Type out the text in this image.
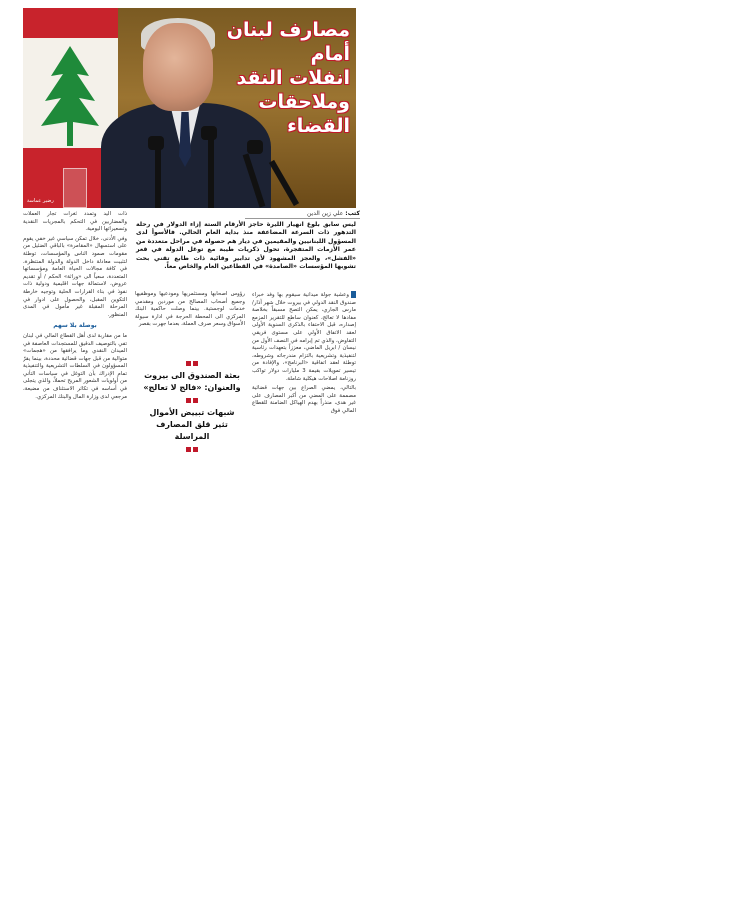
مصارف لبنان أمام
انفلات النقد
وملاحقات القضاء
رضير عماسة
كتب: علي زين الدين
ليس سابق بلوغ انهيار الليرة حاجز الأرقام الستة إزاء الدولار في رحلة التدهور ذات السرعة المضاعفة منذ بداية العام الحالي. فالأسوأ لدى المسؤول اللبنانيين والمقيمين في ديار هم حصوله في مراحل متعددة من عمر الأزمات المتفجرة، تحول ذكريات طيبة مع توغل الدولة في قعر «الفشل»، والعجز المشهود لأي تدابير وقائية ذات طابع تقني بحت تشوبها المؤسسات «الصامدة» في القطاعين العام والخاص معاً.

وعشية جولة ميدانية سيقوم بها وفد خبراء صندوق النقد الدولي في بيروت خلال شهر آذار/ مارس الجاري، يمكن التصح مسبقاً بخلاصة مفادها لا تعالج، كعنوان ساطع للتقرير المزمع إصداره، قبل الاحتفاء بالذكرى السنوية الأولى لعقد الاتفاق الأولي على مستوى فريقي التفاوض، والذي تم إبرامه في النصف الأول من نيسان / ابريل الماضي، معززاً بتعهدات رئاسية لتنفيذية وتشريعية بالتزام مندرجاته وشروطه، توطئة لعقد اتفاقية «البرنامج»، والإفادة من تيسير تمويلات بقيمة 3 مليارات دولار تواكب روزنامة اصلاحات هيكلية شاملة.

بالتالي، يمضي الصراع بين جهات قضائية مصممة على المضي من أكبر المصارف على غير هدى، منذراً بهدم الهياكل الضامنة للقطاع المالي فوق

رؤوس أصحابها ومستثمريها ومودعيها وموظفيها وجميع أصحاب المصالح من موردين ومقدمي خدمات لوجستية. بينما وصلت حاكمية البنك المركزي الى المحطة الحرجة في ادارة سيولة الأسواق وسعر صرف العملة، بعدما جهرت بقصر

بعثة الصندوق الى بيروت
والعنوان: «فالج لا تعالج»
شبهات تبييض الأموال
تثير قلق المصارف المراسلة

ذات اليد وتمدد ثغرات تجار العملات والمضاربين في التحكم بالمجريات النقدية وتسعيراتها اليومية.

وفي الأدنى، خلال تمكن سياسي غير خفي يقوم على استسهال «المقامرة» بالباقي الضئيل من مقومات صمود الناس والمؤسسات، توطئة لتثبيت معادلة داخل الدولة والدولة المنتظرة، في كافة مجالات الحياة العامة ومؤسساتها المتعددة، سعياً الى «وراثة» الحكم / أو تقديم عروض، لاستمالة جهات اقليمية ودولية ذات نفوذ في بناء القرارات الحلية وتوجيه خارطة التكوين المقبل، والحصول على ادوار في المرحلة المقبلة غير مأمول في المدى المنظور.

بوصلة بلا سهم

ما من مقاربة لدى أهل القطاع المالي في لبنان تفي بالتوصيف الدقيق للمستجدات العاصفة في الميدان النقدي وما يرافقها من «هجمات» متوالية من قبل جهات قضائية محددة، بينما يقرّ المسؤولون في السلطات التشريعية والتنفيذية تمام الإدراك بأن التوغل في سياسات التأني من أولويات الشعور المريح تحملاً، والذي يتجلى في أساسه في تكاثر الاستئناف من مضيعة، مرجعي لدى وزارة المال والبنك المركزي.
